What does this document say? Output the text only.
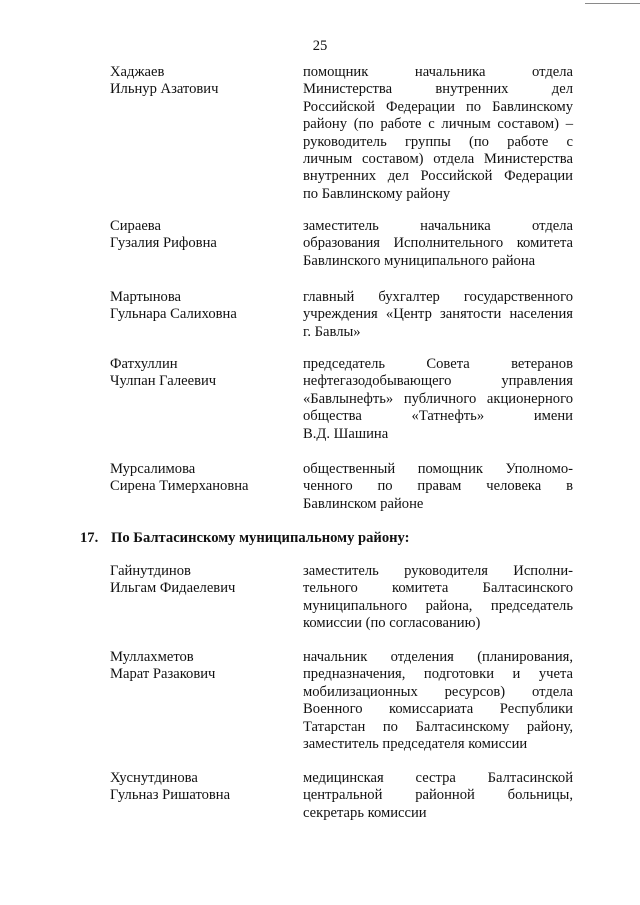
25
Хаджаев
Ильнур Азатович
помощник начальника отдела
Министерства внутренних дел
Российской Федерации по Бавлинскому
району (по работе с личным составом) –
руководитель группы (по работе с
личным составом) отдела Министерства
внутренних дел Российской Федерации
по Бавлинскому району
Сираева
Гузалия Рифовна
заместитель начальника отдела
образования Исполнительного комитета
Бавлинского муниципального района
Мартынова
Гульнара Салиховна
главный бухгалтер государственного
учреждения «Центр занятости населения
г. Бавлы»
Фатхуллин
Чулпан Галеевич
председатель Совета ветеранов
нефтегазодобывающего управления
«Бавлынефть» публичного акционерного
общества «Татнефть» имени
В.Д. Шашина
Мурсалимова
Сирена Тимерхановна
общественный помощник Уполномо-
ченного по правам человека в
Бавлинском районе
17. По Балтасинскому муниципальному району:
Гайнутдинов
Ильгам Фидаелевич
заместитель руководителя Исполни-
тельного комитета Балтасинского
муниципального района, председатель
комиссии (по согласованию)
Муллахметов
Марат Разакович
начальник отделения (планирования,
предназначения, подготовки и учета
мобилизационных ресурсов) отдела
Военного комиссариата Республики
Татарстан по Балтасинскому району,
заместитель председателя комиссии
Хуснутдинова
Гульназ Ришатовна
медицинская сестра Балтасинской
центральной районной больницы,
секретарь комиссии
